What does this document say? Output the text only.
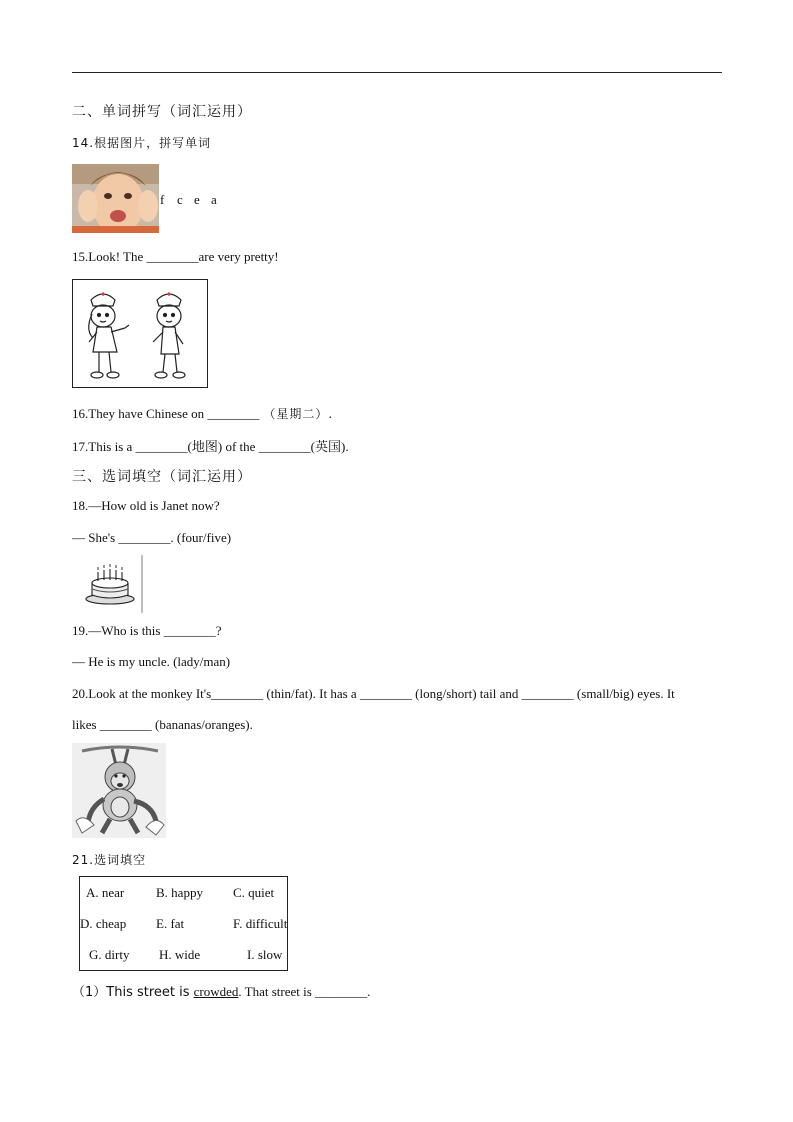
二、单词拼写（词汇运用）
14.根据图片，拼写单词
f c e a
15.Look! The ________are very pretty!
16.They have Chinese on ________ （星期二）.
17.This is a ________(地图) of the ________(英国).
三、选词填空（词汇运用）
18.—How old is Janet now?
— She's ________. (four/five)
19.—Who is this ________?
— He is my uncle. (lady/man)
20.Look at the monkey It's________ (thin/fat). It has a ________ (long/short) tail and ________ (small/big) eyes. It
likes ________ (bananas/oranges).
21.选词填空
A. near	B. happy	C. quiet
D. cheap	E. fat	F. difficult
G. dirty	H. wide	I. slow
（1）This street is crowded. That street is ________.
